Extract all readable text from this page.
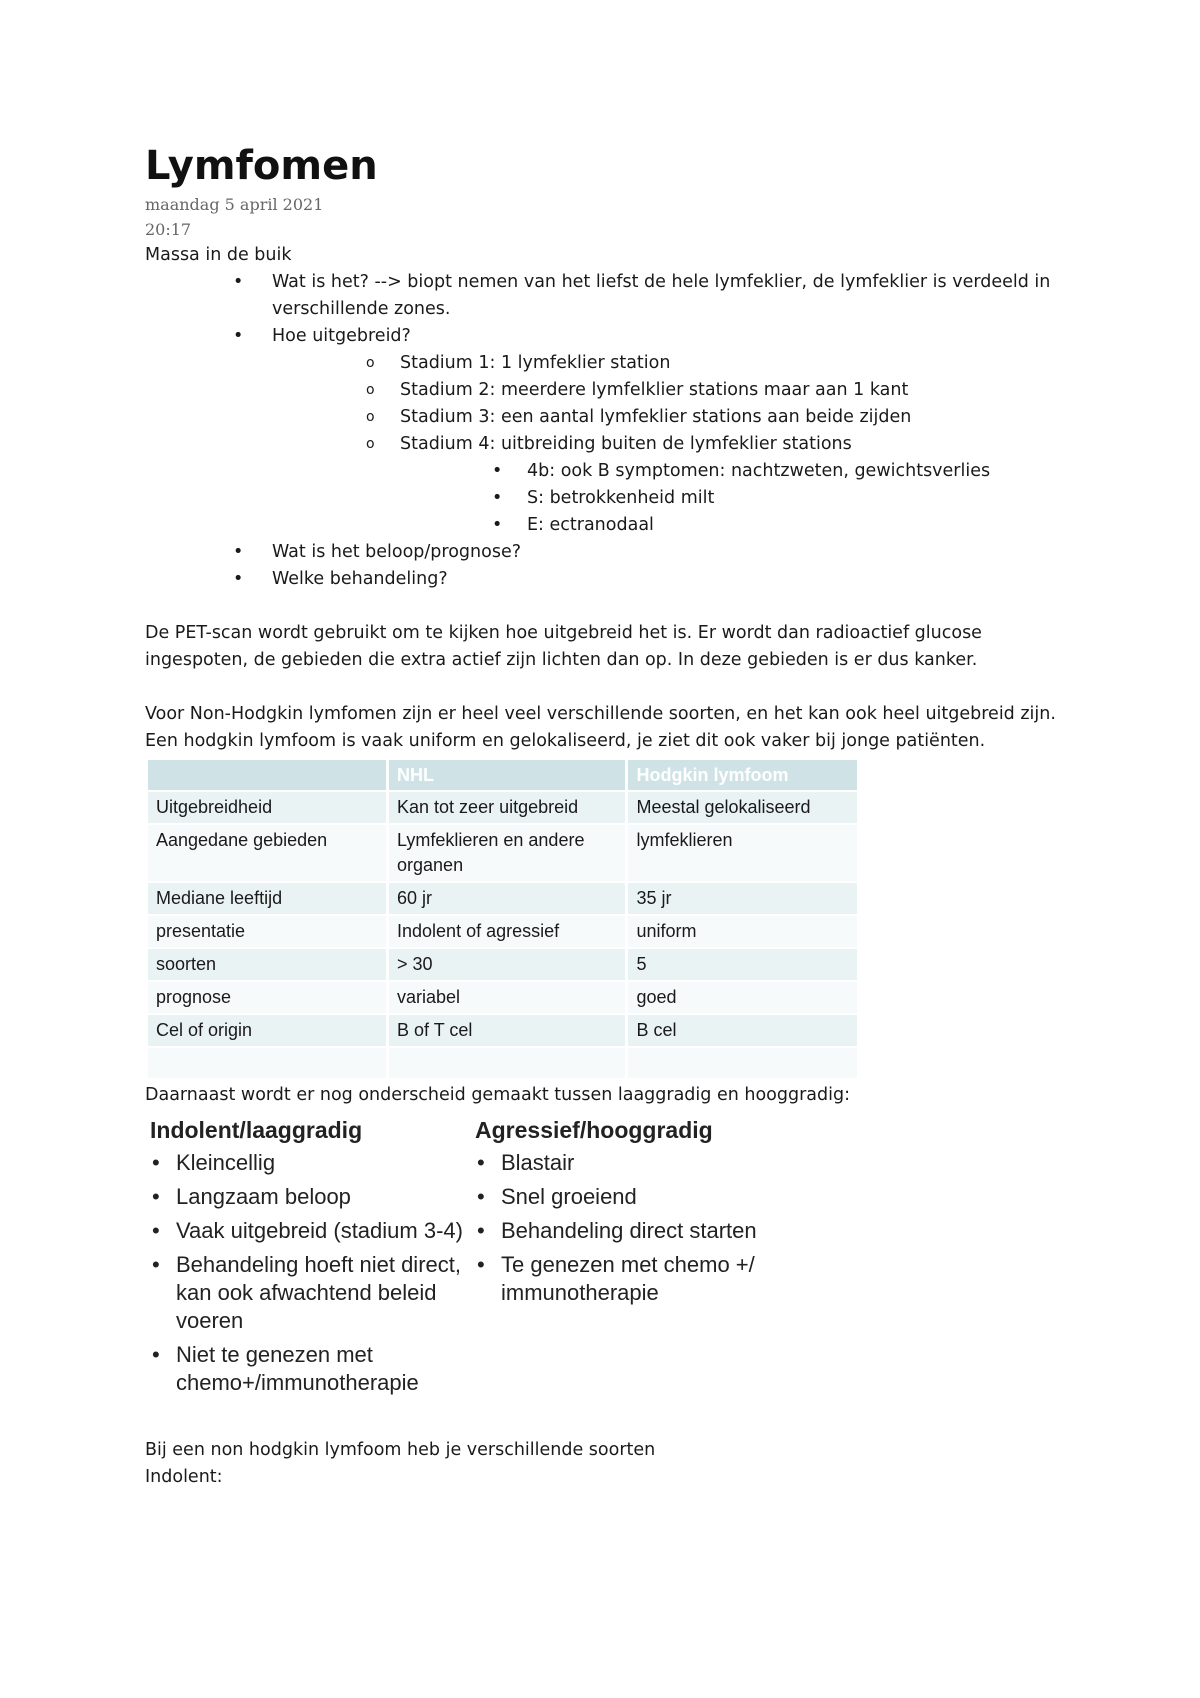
Lymfomen
maandag 5 april 2021
20:17
Massa in de buik
• Wat is het? --> biopt nemen van het liefst de hele lymfeklier, de lymfeklier is verdeeld in verschillende zones.
• Hoe uitgebreid?
o Stadium 1: 1 lymfeklier station
o Stadium 2: meerdere lymfelklier stations maar aan 1 kant
o Stadium 3: een aantal lymfeklier stations aan beide zijden
o Stadium 4: uitbreiding buiten de lymfeklier stations
• 4b: ook B symptomen: nachtzweten, gewichtsverlies
• S: betrokkenheid milt
• E: ectranodaal
• Wat is het beloop/prognose?
• Welke behandeling?
De PET-scan wordt gebruikt om te kijken hoe uitgebreid het is. Er wordt dan radioactief glucose ingespoten, de gebieden die extra actief zijn lichten dan op. In deze gebieden is er dus kanker.
Voor Non-Hodgkin lymfomen zijn er heel veel verschillende soorten, en het kan ook heel uitgebreid zijn.
Een hodgkin lymfoom is vaak uniform en gelokaliseerd, je ziet dit ook vaker bij jonge patiënten.
	NHL	Hodgkin lymfoom
Uitgebreidheid	Kan tot zeer uitgebreid	Meestal gelokaliseerd
Aangedane gebieden	Lymfeklieren en andere organen	lymfeklieren
Mediane leeftijd	60 jr	35 jr
presentatie	Indolent of agressief	uniform
soorten	> 30	5
prognose	variabel	goed
Cel of origin	B of T cel	B cel

Daarnaast wordt er nog onderscheid gemaakt tussen laaggradig en hooggradig:
Indolent/laaggradig
• Kleincellig
• Langzaam beloop
• Vaak uitgebreid (stadium 3-4)
• Behandeling hoeft niet direct, kan ook afwachtend beleid voeren
• Niet te genezen met chemo+/immunotherapie
Agressief/hooggradig
• Blastair
• Snel groeiend
• Behandeling direct starten
• Te genezen met chemo +/ immunotherapie
Bij een non hodgkin lymfoom heb je verschillende soorten
Indolent:
